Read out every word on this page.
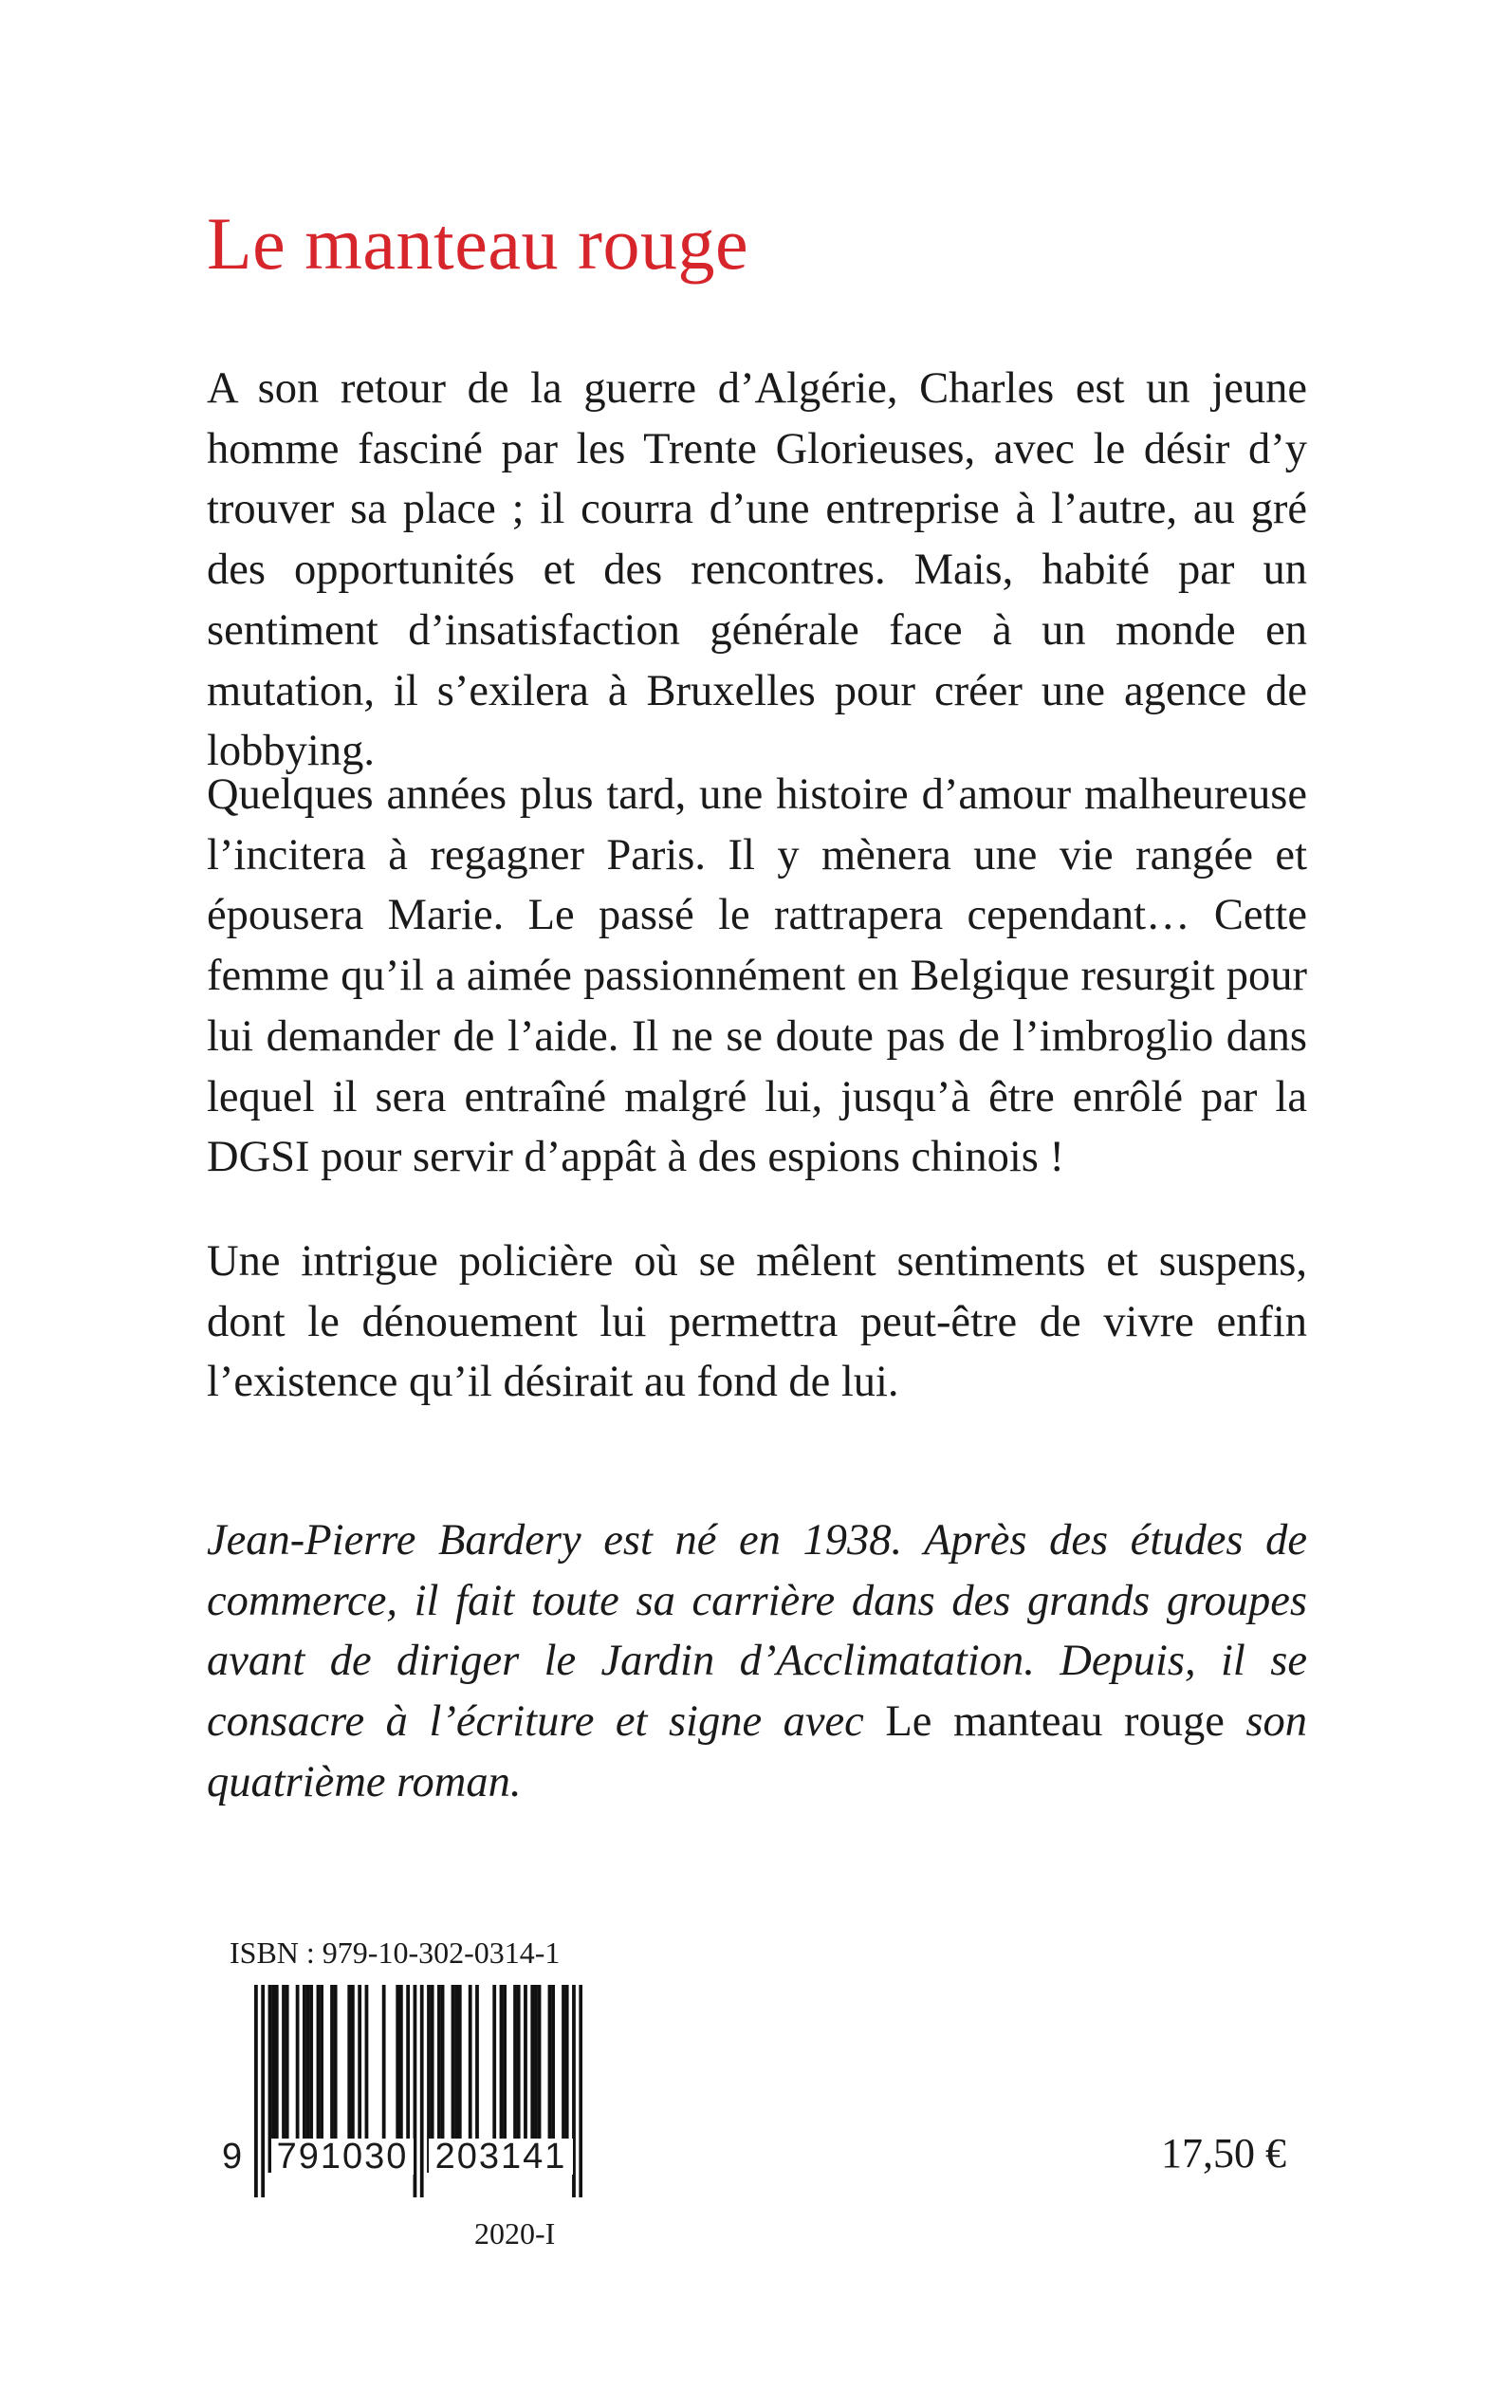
Le manteau rouge

A son retour de la guerre d’Algérie, Charles est un jeune homme fasciné par les Trente Glorieuses, avec le désir d’y trouver sa place ; il courra d’une entreprise à l’autre, au gré des opportunités et des rencontres. Mais, habité par un sentiment d’insatisfaction générale face à un monde en mutation, il s’exilera à Bruxelles pour créer une agence de lobbying.

Quelques années plus tard, une histoire d’amour malheureuse l’incitera à regagner Paris. Il y mènera une vie rangée et épousera Marie. Le passé le rattrapera cependant… Cette femme qu’il a aimée passionnément en Belgique resurgit pour lui demander de l’aide. Il ne se doute pas de l’imbroglio dans lequel il sera entraîné malgré lui, jusqu’à être enrôlé par la DGSI pour servir d’appât à des espions chinois !

Une intrigue policière où se mêlent sentiments et suspens, dont le dénouement lui permettra peut-être de vivre enfin l’existence qu’il désirait au fond de lui.

Jean-Pierre Bardery est né en 1938. Après des études de commerce, il fait toute sa carrière dans des grands groupes avant de diriger le Jardin d’Acclimatation. Depuis, il se consacre à l’écriture et signe avec Le manteau rouge son quatrième roman.

ISBN : 979-10-302-0314-1
9 791030 203141
2020-I
17,50 €
